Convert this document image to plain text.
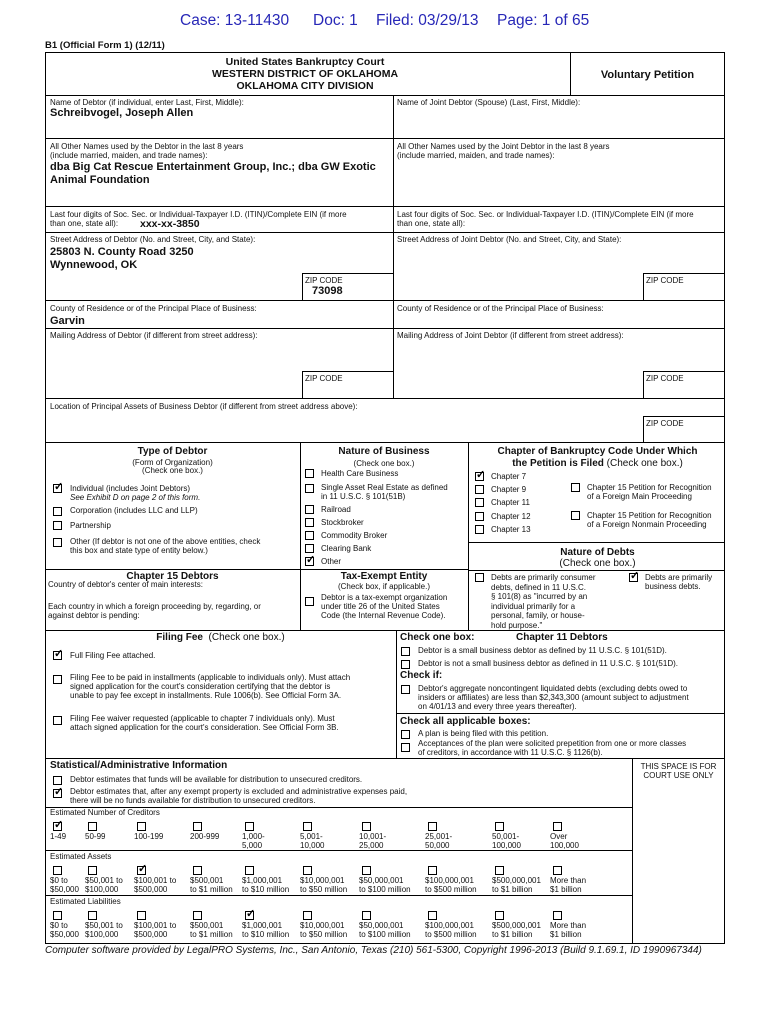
Case: 13-11430 Doc: 1 Filed: 03/29/13 Page: 1 of 65
B1 (Official Form 1) (12/11)
United States Bankruptcy Court
WESTERN DISTRICT OF OKLAHOMA
OKLAHOMA CITY DIVISION
Voluntary Petition
Name of Debtor (if individual, enter Last, First, Middle):
Schreibvogel, Joseph Allen
Name of Joint Debtor (Spouse) (Last, First, Middle):
All Other Names used by the Debtor in the last 8 years
(include married, maiden, and trade names):
dba Big Cat Rescue Entertainment Group, Inc.; dba GW Exotic
Animal Foundation
All Other Names used by the Joint Debtor in the last 8 years
(include married, maiden, and trade names):
Last four digits of Soc. Sec. or Individual-Taxpayer I.D. (ITIN)/Complete EIN (if more
than one, state all): xxx-xx-3850
Last four digits of Soc. Sec. or Individual-Taxpayer I.D. (ITIN)/Complete EIN (if more
than one, state all):
Street Address of Debtor (No. and Street, City, and State):
25803 N. County Road 3250
Wynnewood, OK
Street Address of Joint Debtor (No. and Street, City, and State):
ZIP CODE
73098
ZIP CODE
County of Residence or of the Principal Place of Business:
Garvin
County of Residence or of the Principal Place of Business:
Mailing Address of Debtor (if different from street address):	Mailing Address of Joint Debtor (if different from street address):
ZIP CODE	ZIP CODE
Location of Principal Assets of Business Debtor (if different from street address above):
ZIP CODE
Type of Debtor
(Form of Organization)
(Check one box.)
✓
Individual (includes Joint Debtors)
See Exhibit D on page 2 of this form.
Corporation (includes LLC and LLP)
Partnership
Other (If debtor is not one of the above entities, check
this box and state type of entity below.)
Nature of Business
(Check one box.)
Health Care Business
Single Asset Real Estate as defined
in 11 U.S.C. § 101(51B)
Railroad
Stockbroker
Commodity Broker
Clearing Bank
✓
Other
Chapter of Bankruptcy Code Under Which
the Petition is Filed (Check one box.)
✓
Chapter 7
Chapter 9
Chapter 11
Chapter 12
Chapter 13
Chapter 15 Petition for Recognition
of a Foreign Main Proceeding
Chapter 15 Petition for Recognition
of a Foreign Nonmain Proceeding
Nature of Debts
(Check one box.)
Debts are primarily consumer
debts, defined in 11 U.S.C.
§ 101(8) as "incurred by an
individual primarily for a
personal, family, or house-
hold purpose."
✓
Debts are primarily
business debts.
Chapter 15 Debtors
Country of debtor's center of main interests:
Each country in which a foreign proceeding by, regarding, or
against debtor is pending:
Tax-Exempt Entity
(Check box, if applicable.)
Debtor is a tax-exempt organization
under title 26 of the United States
Code (the Internal Revenue Code).
Filing Fee (Check one box.)
✓
Full Filing Fee attached.
Filing Fee to be paid in installments (applicable to individuals only). Must attach
signed application for the court's consideration certifying that the debtor is
unable to pay fee except in installments. Rule 1006(b). See Official Form 3A.
Filing Fee waiver requested (applicable to chapter 7 individuals only). Must
attach signed application for the court's consideration. See Official Form 3B.
Check one box:	Chapter 11 Debtors
Debtor is a small business debtor as defined by 11 U.S.C. § 101(51D).
Debtor is not a small business debtor as defined in 11 U.S.C. § 101(51D).
Check if:
Debtor's aggregate noncontingent liquidated debts (excluding debts owed to
insiders or affiliates) are less than $2,343,300 (amount subject to adjustment
on 4/01/13 and every three years thereafter).
Check all applicable boxes:
A plan is being filed with this petition.
Acceptances of the plan were solicited prepetition from one or more classes
of creditors, in accordance with 11 U.S.C. § 1126(b).
Statistical/Administrative Information	THIS SPACE IS FOR
COURT USE ONLY
Debtor estimates that funds will be available for distribution to unsecured creditors.
✓
Debtor estimates that, after any exempt property is excluded and administrative expenses paid,
there will be no funds available for distribution to unsecured creditors.
Estimated Number of Creditors
✓
1-49 50-99	100-199	200-999	1,000-
5,000
5,001-
10,000
10,001-
25,000
25,001-
50,000
50,001-
100,000
Over
100,000
Estimated Assets
$0 to
$50,000
$50,001 to
$100,000
✓
$100,001 to
$500,000
$500,001
to $1 million
$1,000,001
to $10 million
$10,000,001
to $50 million
$50,000,001
to $100 million
$100,000,001
to $500 million
$500,000,001
to $1 billion
More than
$1 billion
Estimated Liabilities
$0 to
$50,000
$50,001 to
$100,000
$100,001 to
$500,000
$500,001
to $1 million
✓
$1,000,001
to $10 million
$10,000,001
to $50 million
$50,000,001
to $100 million
$100,000,001
to $500 million
$500,000,001
to $1 billion
More than
$1 billion
Computer software provided by LegalPRO Systems, Inc., San Antonio, Texas (210) 561-5300, Copyright 1996-2013 (Build 9.1.69.1, ID 1990967344)
